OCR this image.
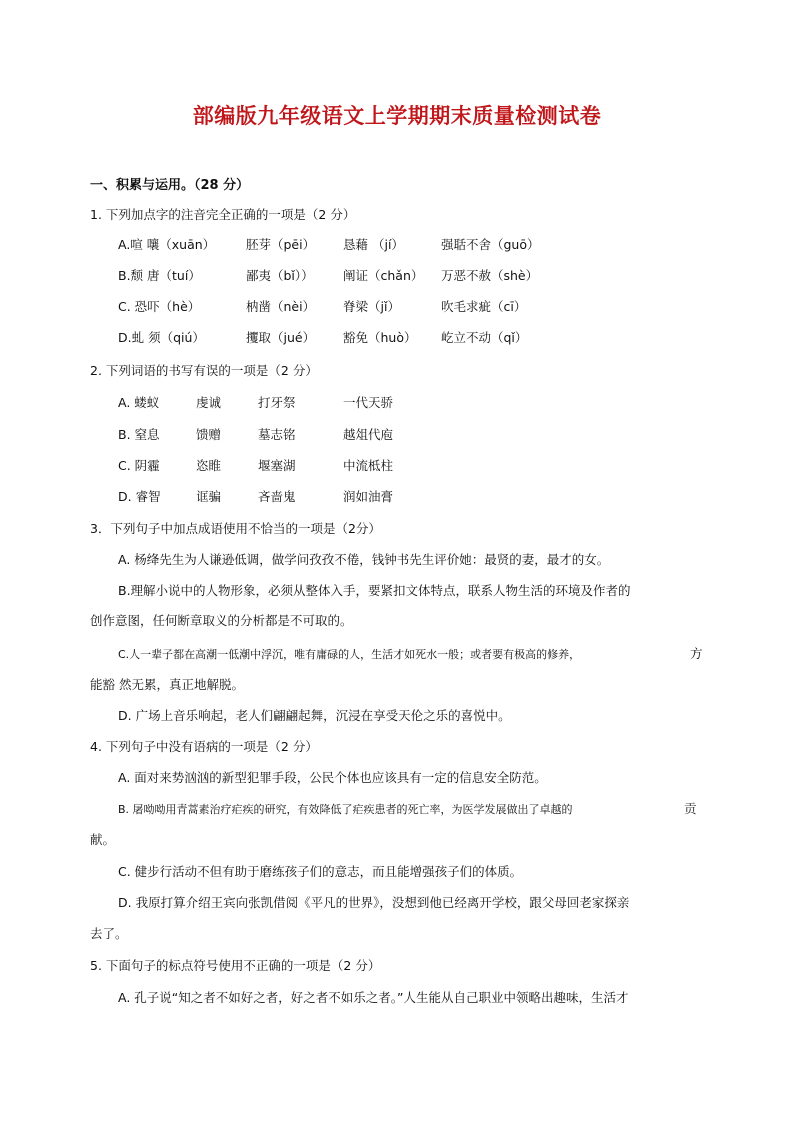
部编版九年级语文上学期期末质量检测试卷
一、积累与运用。（28 分）
1. 下列加点字的注音完全正确的一项是（2 分）
A.喧 嚷（xuān） 胚芽（pēi） 恳藉 （jí）	强聒不舍（guō）
B.颓 唐（tuí）	鄙夷（bǐ）） 阐证（chǎn） 万恶不赦（shè）
C. 恐吓（hè）	枘凿（nèi） 脊梁（jǐ）	吹毛求疵（cī）
D.虬 须（qiú）	攫取（jué） 豁免（huò） 屹立不动（qǐ）
2. 下列词语的书写有误的一项是（2 分）
A. 蝼蚁	虔诚	打牙祭	一代天骄
B. 窒息	馈赠	墓志铭	越俎代庖
C. 阴霾	恣睢	堰塞湖	中流柢柱
D. 睿智	诓骗	吝啬鬼	润如油膏
3．下列句子中加点成语使用不恰当的一项是（2分）
A. 杨绛先生为人谦逊低调，做学问孜孜不倦，钱钟书先生评价她：最贤的妻，最才的女。
B.理解小说中的人物形象，必须从整体入手，要紧扣文体特点，联系人物生活的环境及作者的
创作意图，任何断章取义的分析都是不可取的。
C.人一辈子都在高潮一低潮中浮沉，唯有庸碌的人，生活才如死水一般；或者要有极高的修养，	方
能豁 然无累，真正地解脱。
D. 广场上音乐响起，老人们翩翩起舞，沉浸在享受天伦之乐的喜悦中。
4. 下列句子中没有语病的一项是（2 分）
A. 面对来势汹汹的新型犯罪手段，公民个体也应该具有一定的信息安全防范。
B. 屠呦呦用青蒿素治疗疟疾的研究，有效降低了疟疾患者的死亡率，为医学发展做出了卓越的	贡
献。
C. 健步行活动不但有助于磨练孩子们的意志，而且能增强孩子们的体质。
D. 我原打算介绍王宾向张凯借阅《平凡的世界》，没想到他已经离开学校，跟父母回老家探亲
去了。
5. 下面句子的标点符号使用不正确的一项是（2 分）
A. 孔子说“知之者不如好之者，好之者不如乐之者。”人生能从自己职业中领略出趣味，生活才
